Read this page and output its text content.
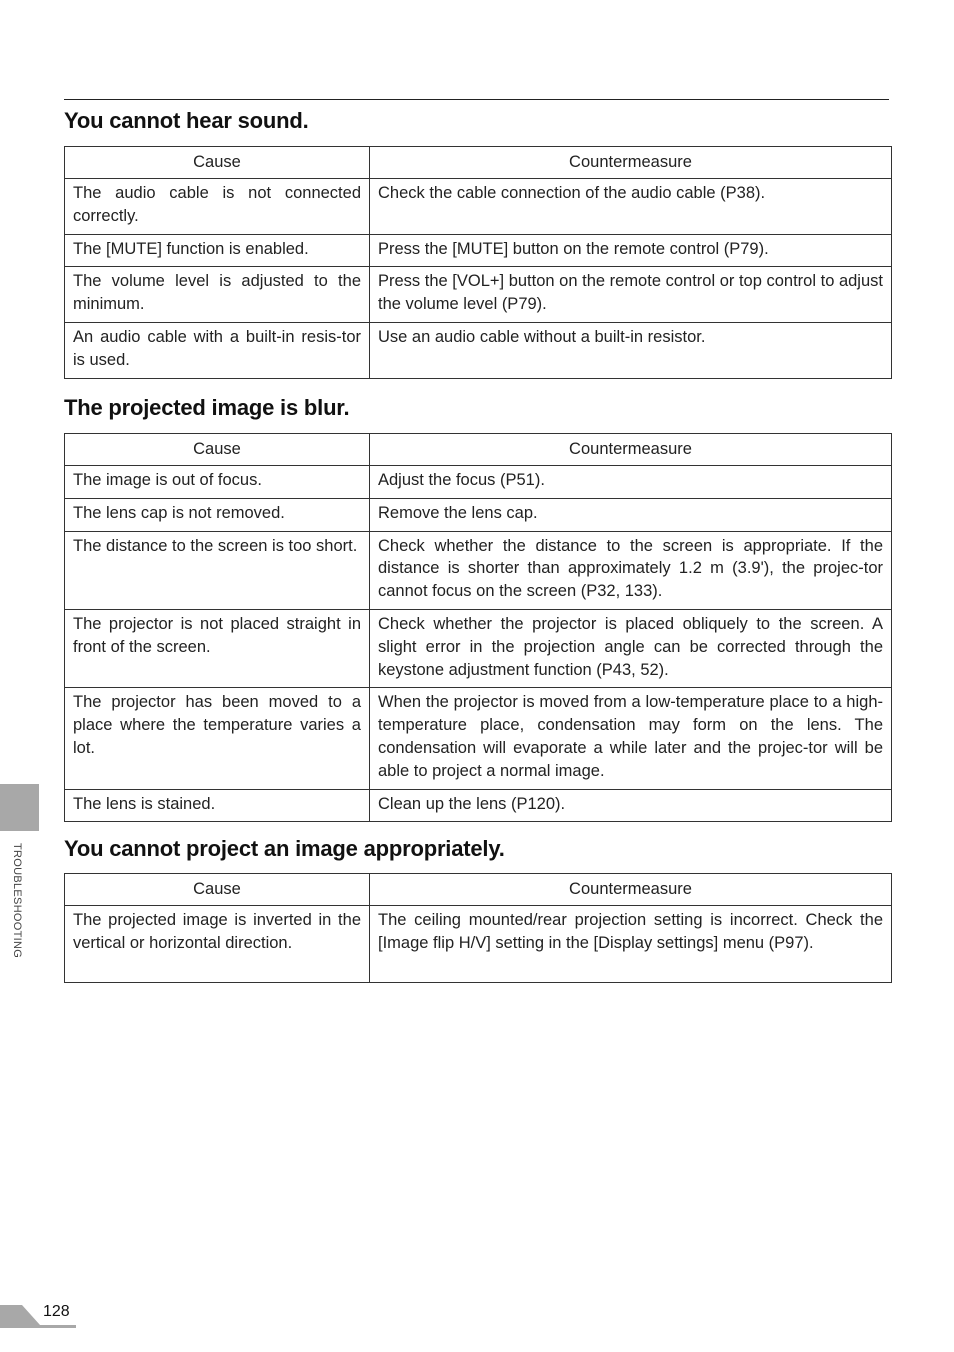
You cannot hear sound.
Cause	Countermeasure
The audio cable is not connected correctly.	Check the cable connection of the audio cable (P38).
The [MUTE] function is enabled.	Press the [MUTE] button on the remote control (P79).
The volume level is adjusted to the minimum.	Press the [VOL+] button on the remote control or top control to adjust the volume level (P79).
An audio cable with a built-in resis-tor is used.	Use an audio cable without a built-in resistor.
The projected image is blur.
Cause	Countermeasure
The image is out of focus.	Adjust the focus (P51).
The lens cap is not removed.	Remove the lens cap.
The distance to the screen is too short.	Check whether the distance to the screen is appropriate. If the distance is shorter than approximately 1.2 m (3.9'), the projec-tor cannot focus on the screen (P32, 133).
The projector is not placed straight in front of the screen.	Check whether the projector is placed obliquely to the screen. A slight error in the projection angle can be corrected through the keystone adjustment function (P43, 52).
The projector has been moved to a place where the temperature varies a lot.	When the projector is moved from a low-temperature place to a high-temperature place, condensation may form on the lens. The condensation will evaporate a while later and the projec-tor will be able to project a normal image.
The lens is stained.	Clean up the lens (P120).
You cannot project an image appropriately.
Cause	Countermeasure
The projected image is inverted in the vertical or horizontal direction.	The ceiling mounted/rear projection setting is incorrect. Check the [Image flip H/V] setting in the [Display settings] menu (P97).
TROUBLESHOOTING
128
